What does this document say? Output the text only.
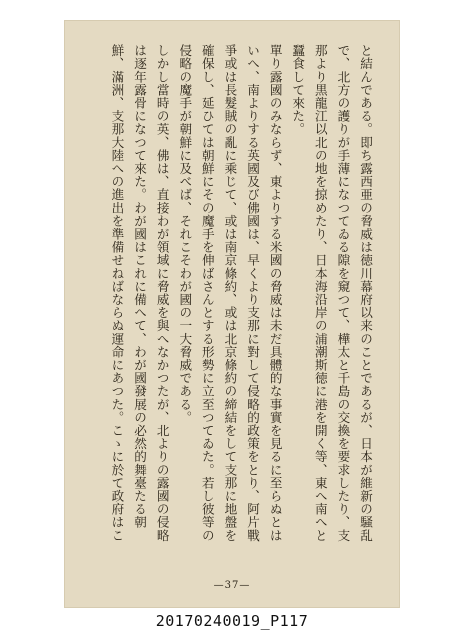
と結んである。即ち露西亜の脅威は徳川幕府以来のことであるが、日本が維新の騒乱で、北方の護りが手薄になつてゐる隙を窺つて、樺太と千島の交換を要求したり、支那より黒龍江以北の地を掠めたり、日本海沿岸の浦潮斯徳に港を開く等、東へ南へと蠶食して來た。
單り露國のみならず、東よりする米國の脅威は未だ具體的な事實を見るに至らぬとはいへ、南よりする英國及び佛國は、早くより支那に對して侵略的政策をとり、阿片戰爭或は長髮賊の亂に乘じて、或は南京條約、或は北京條約の締結をして支那に地盤を確保し、延ひては朝鮮にその魔手を伸ばさんとする形勢に立至つてゐた。若し彼等の侵略の魔手が朝鮮に及べば、それこそわが國の一大脅威である。
しかし當時の英、佛は、直接わが領域に脅威を與へなかつたが、北よりの露國の侵略は逐年露骨になつて來た。わが國はこれに備へて、わが國發展の必然的舞臺たる朝鮮、滿洲、支那大陸への進出を準備せねばならぬ運命にあつた。こゝに於て政府はこ
—37—
20170240019_P117
